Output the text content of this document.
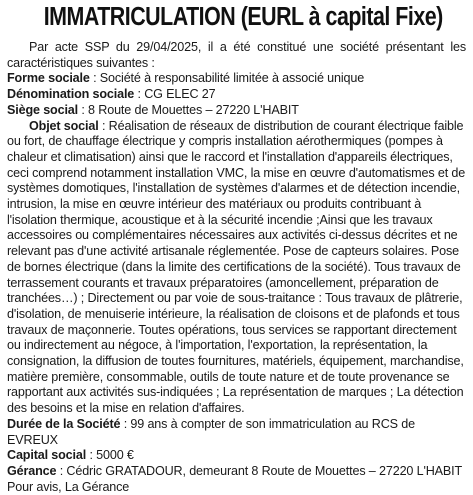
IMMATRICULATION (EURL à capital Fixe)

Par acte SSP du 29/04/2025, il a été constitué une société présentant les caractéristiques suivantes :

Forme sociale : Société à responsabilité limitée à associé unique

Dénomination sociale : CG ELEC 27

Siège social : 8 Route de Mouettes – 27220 L'HABIT

Objet social : Réalisation de réseaux de distribution de courant électrique faible ou fort, de chauffage électrique y compris installation aérothermiques (pompes à chaleur et climatisation) ainsi que le raccord et l'installation d'appareils électriques, ceci comprend notamment installation VMC, la mise en œuvre d'automatismes et de systèmes domotiques, l'installation de systèmes d'alarmes et de détection incendie, intrusion, la mise en œuvre intérieur des matériaux ou produits contribuant à l'isolation thermique, acoustique et à la sécurité incendie ;Ainsi que les travaux accessoires ou complémentaires nécessaires aux activités ci-dessus décrites et ne relevant pas d'une activité artisanale réglementée. Pose de capteurs solaires. Pose de bornes électrique (dans la limite des certifications de la société). Tous travaux de terrassement courants et travaux préparatoires (amoncellement, préparation de tranchées…) ; Directement ou par voie de sous-traitance : Tous travaux de plâtrerie, d'isolation, de menuiserie intérieure, la réalisation de cloisons et de plafonds et tous travaux de maçonnerie. Toutes opérations, tous services se rapportant directement ou indirectement au négoce, à l'importation, l'exportation, la représentation, la consignation, la diffusion de toutes fournitures, matériels, équipement, marchandise, matière première, consommable, outils de toute nature et de toute provenance se rapportant aux activités sus-indiquées ; La représentation de marques ; La détection des besoins et la mise en relation d'affaires.

Durée de la Société : 99 ans à compter de son immatriculation au RCS de EVREUX

Capital social : 5000 €

Gérance : Cédric GRATADOUR, demeurant 8 Route de Mouettes – 27220 L'HABIT

Pour avis, La Gérance
